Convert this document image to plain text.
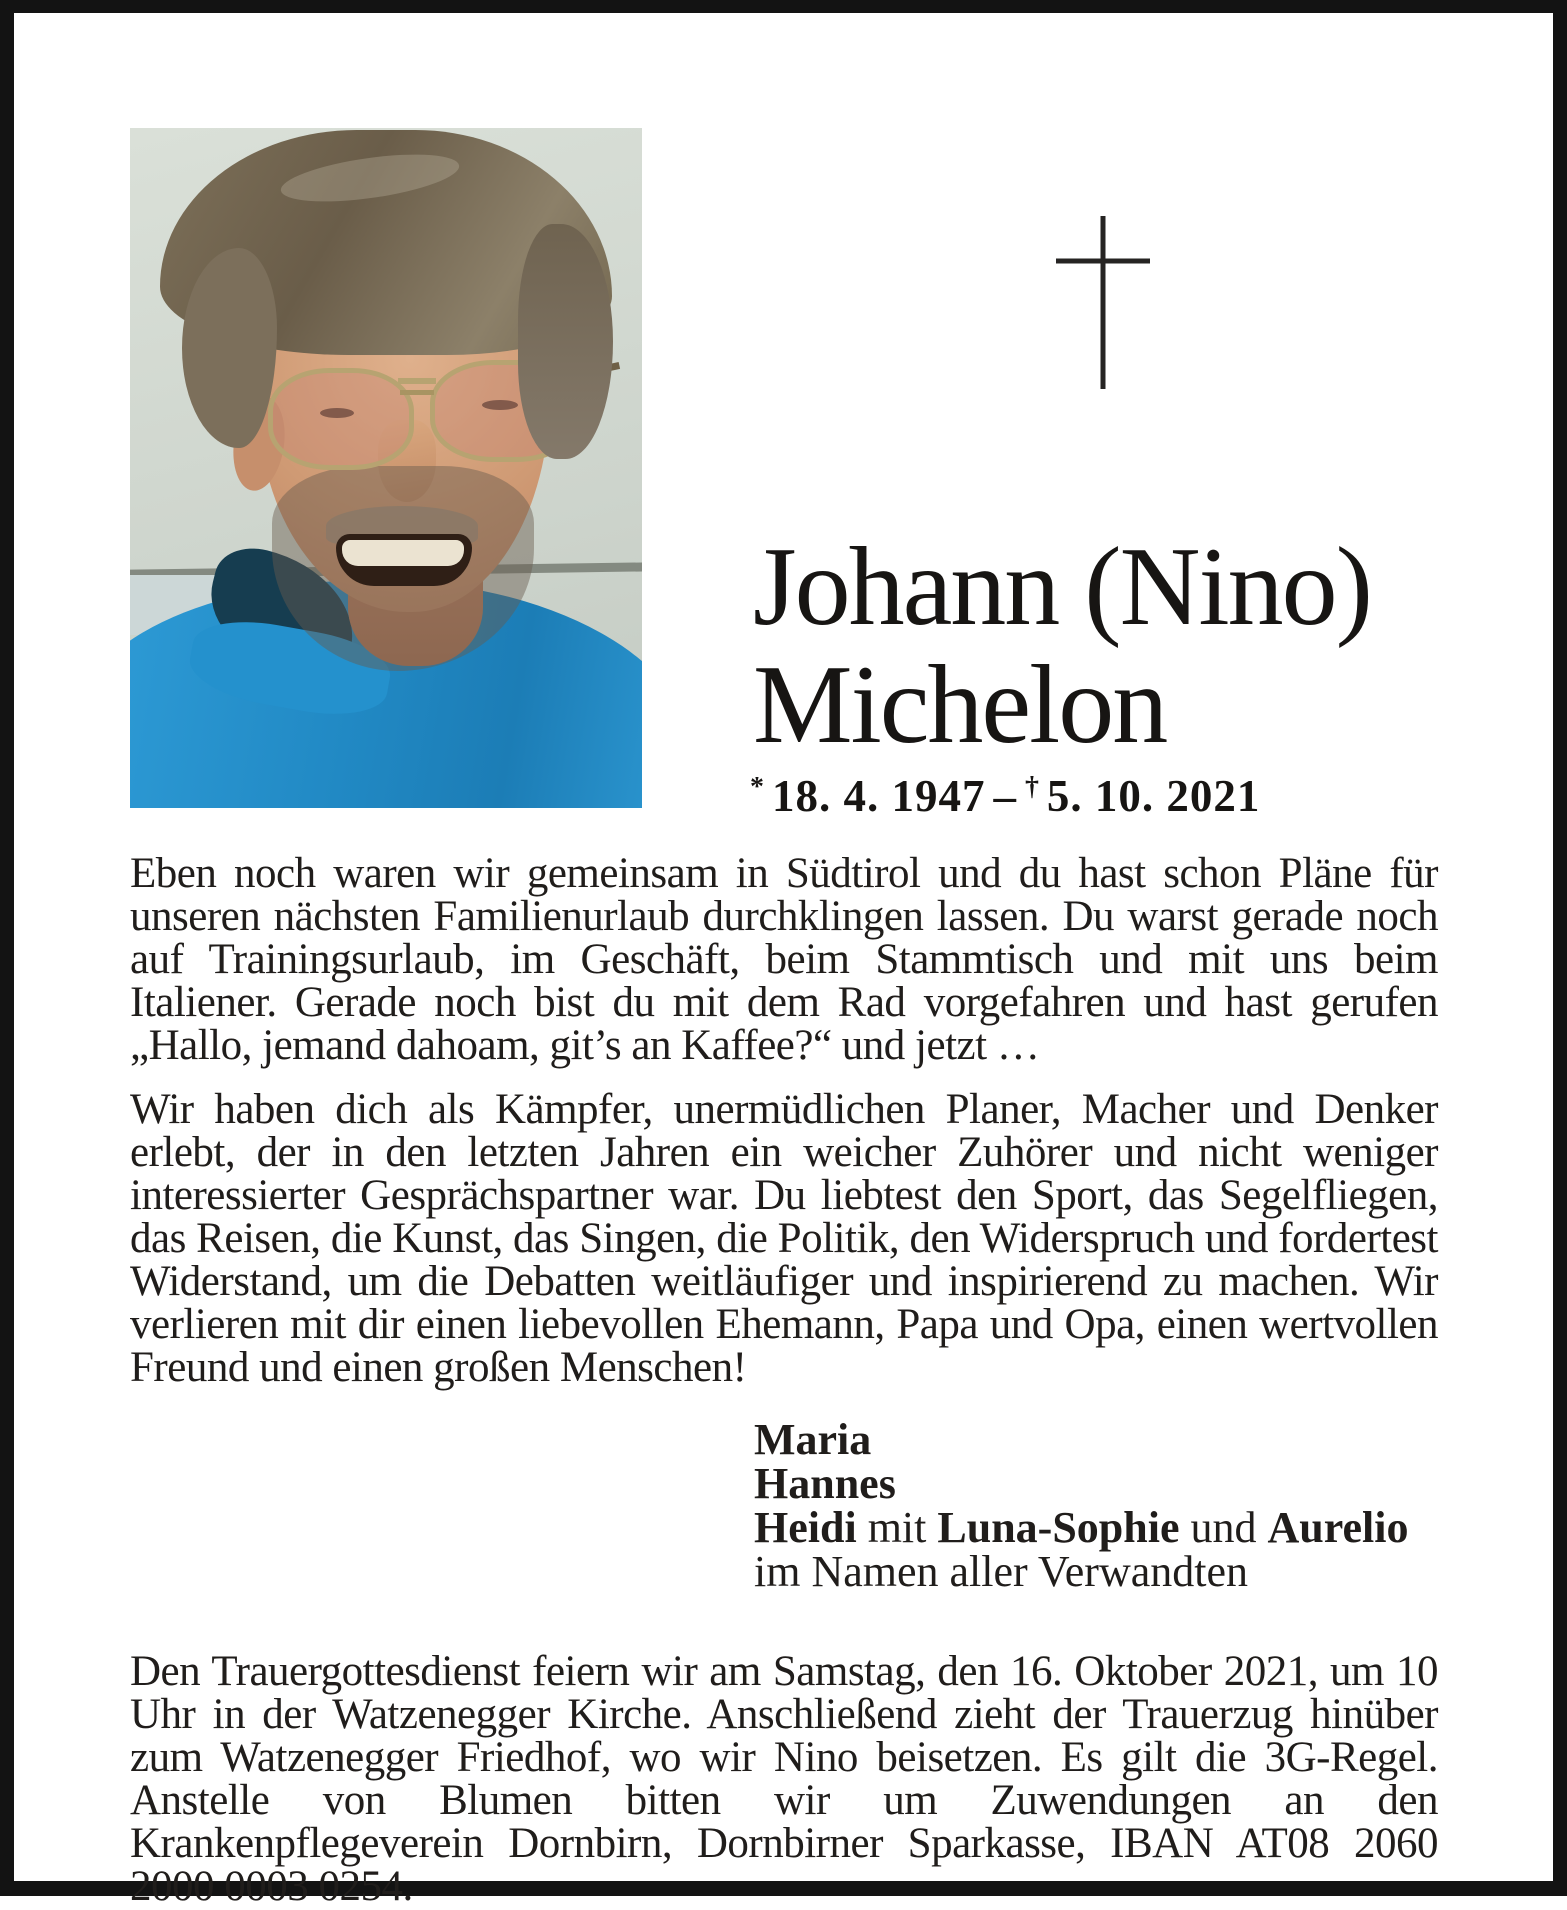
Johann (Nino)
Michelon
* 18. 4. 1947 – † 5. 10. 2021
Eben noch waren wir gemeinsam in Südtirol und du hast schon Pläne für unseren nächsten Familienurlaub durchklingen lassen. Du warst gerade noch auf Trainingsurlaub, im Geschäft, beim Stammtisch und mit uns beim Italiener. Gerade noch bist du mit dem Rad vorgefahren und hast gerufen „Hallo, jemand dahoam, git’s an Kaffee?“ und jetzt …
Wir haben dich als Kämpfer, unermüdlichen Planer, Macher und Denker erlebt, der in den letzten Jahren ein weicher Zuhörer und nicht weniger interessierter Gesprächspartner war. Du liebtest den Sport, das Segelfliegen, das Reisen, die Kunst, das Singen, die Politik, den Widerspruch und fordertest Widerstand, um die Debatten weitläufiger und inspirierend zu machen. Wir verlieren mit dir einen liebevollen Ehemann, Papa und Opa, einen wertvollen Freund und einen großen Menschen!
Maria
Hannes
Heidi mit Luna-Sophie und Aurelio
im Namen aller Verwandten
Den Trauergottesdienst feiern wir am Samstag, den 16. Oktober 2021, um 10 Uhr in der Watzenegger Kirche. Anschließend zieht der Trauerzug hinüber zum Watzenegger Friedhof, wo wir Nino beisetzen. Es gilt die 3G-Regel. Anstelle von Blumen bitten wir um Zuwendungen an den Krankenpflegeverein Dornbirn, Dornbirner Sparkasse, IBAN AT08 2060 2000 0003 0254.
